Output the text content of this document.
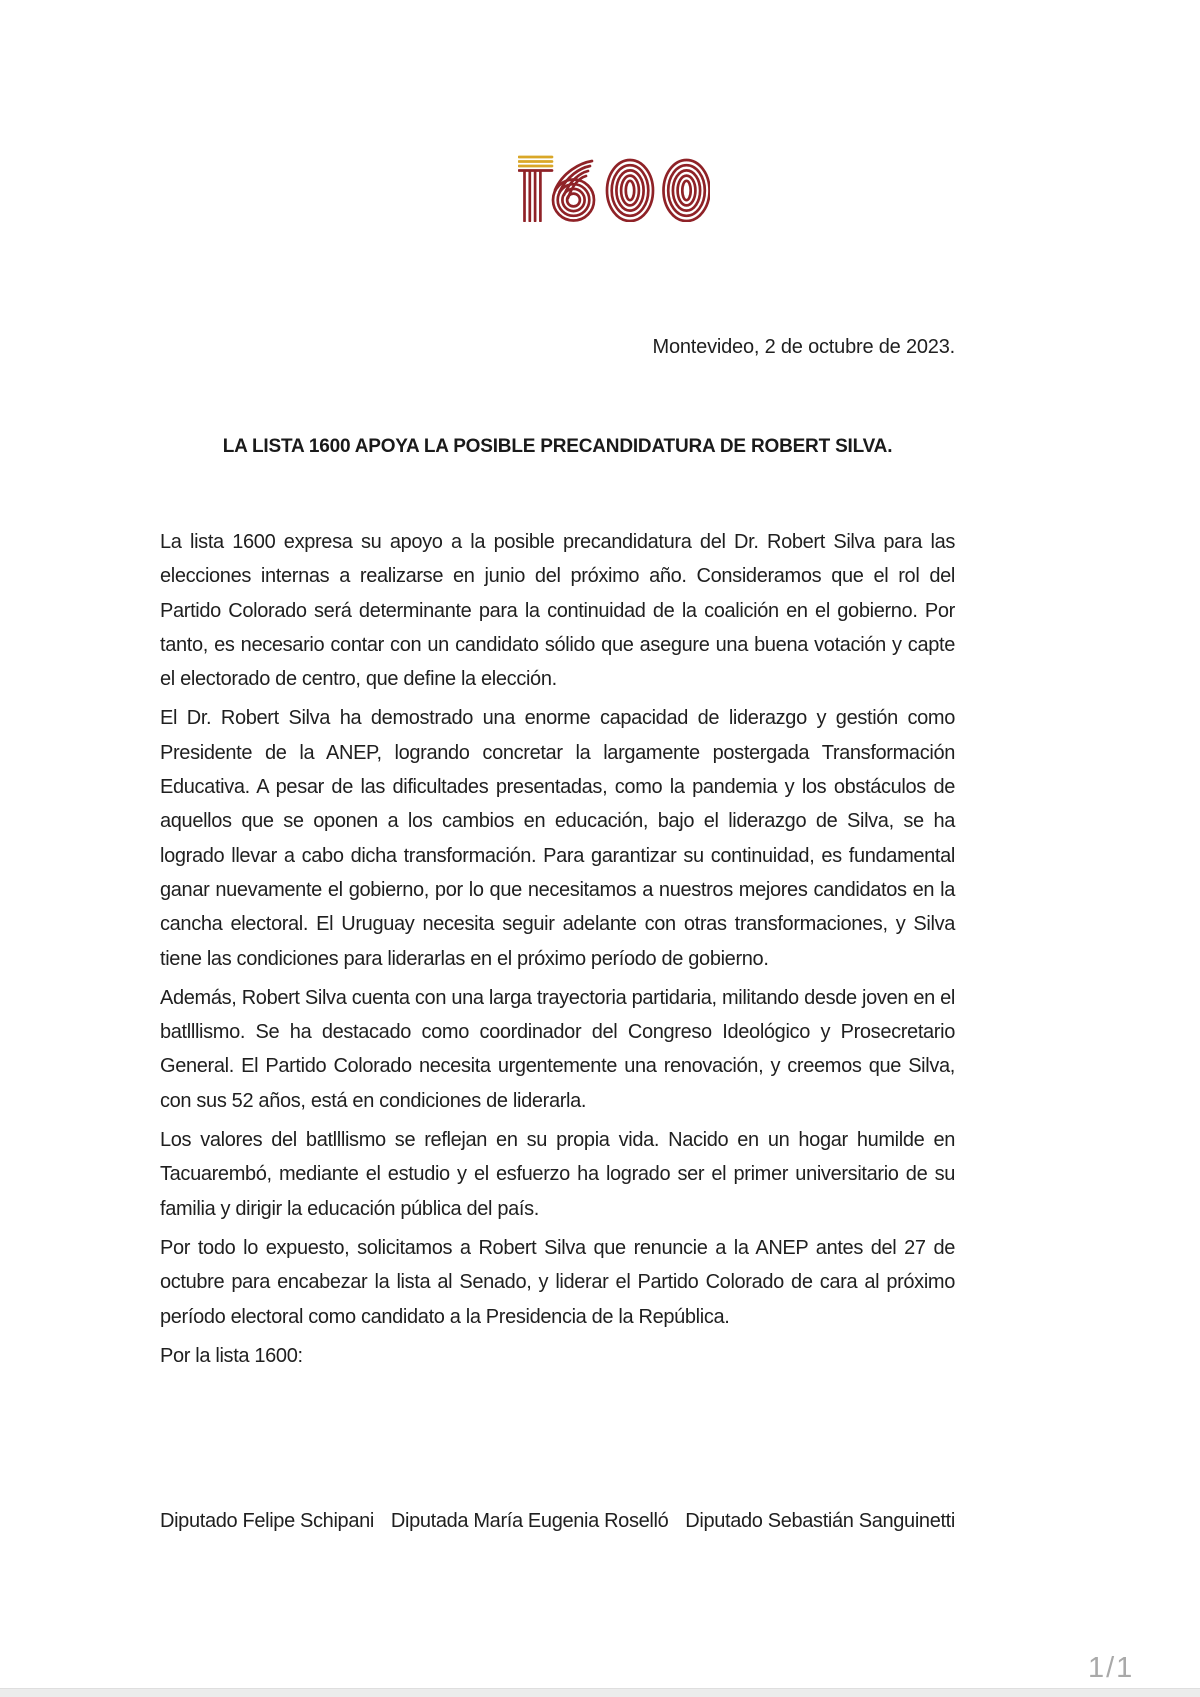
Montevideo, 2 de octubre de 2023.
LA LISTA 1600 APOYA LA POSIBLE PRECANDIDATURA DE ROBERT SILVA.

La lista 1600 expresa su apoyo a la posible precandidatura del Dr. Robert Silva para las elecciones internas a realizarse en junio del próximo año. Consideramos que el rol del Partido Colorado será determinante para la continuidad de la coalición en el gobierno. Por tanto, es necesario contar con un candidato sólido que asegure una buena votación y capte el electorado de centro, que define la elección.

El Dr. Robert Silva ha demostrado una enorme capacidad de liderazgo y gestión como Presidente de la ANEP, logrando concretar la largamente postergada Transformación Educativa. A pesar de las dificultades presentadas, como la pandemia y los obstáculos de aquellos que se oponen a los cambios en educación, bajo el liderazgo de Silva, se ha logrado llevar a cabo dicha transformación. Para garantizar su continuidad, es fundamental ganar nuevamente el gobierno, por lo que necesitamos a nuestros mejores candidatos en la cancha electoral. El Uruguay necesita seguir adelante con otras transformaciones, y Silva tiene las condiciones para liderarlas en el próximo período de gobierno.

Además, Robert Silva cuenta con una larga trayectoria partidaria, militando desde joven en el batlllismo. Se ha destacado como coordinador del Congreso Ideológico y Prosecretario General. El Partido Colorado necesita urgentemente una renovación, y creemos que Silva, con sus 52 años, está en condiciones de liderarla.

Los valores del batlllismo se reflejan en su propia vida. Nacido en un hogar humilde en Tacuarembó, mediante el estudio y el esfuerzo ha logrado ser el primer universitario de su familia y dirigir la educación pública del país.

Por todo lo expuesto, solicitamos a Robert Silva que renuncie a la ANEP antes del 27 de octubre para encabezar la lista al Senado, y liderar el Partido Colorado de cara al próximo período electoral como candidato a la Presidencia de la República.

Por la lista 1600:

Diputado Felipe Schipani Diputada María Eugenia Roselló Diputado Sebastián Sanguinetti
1/1
